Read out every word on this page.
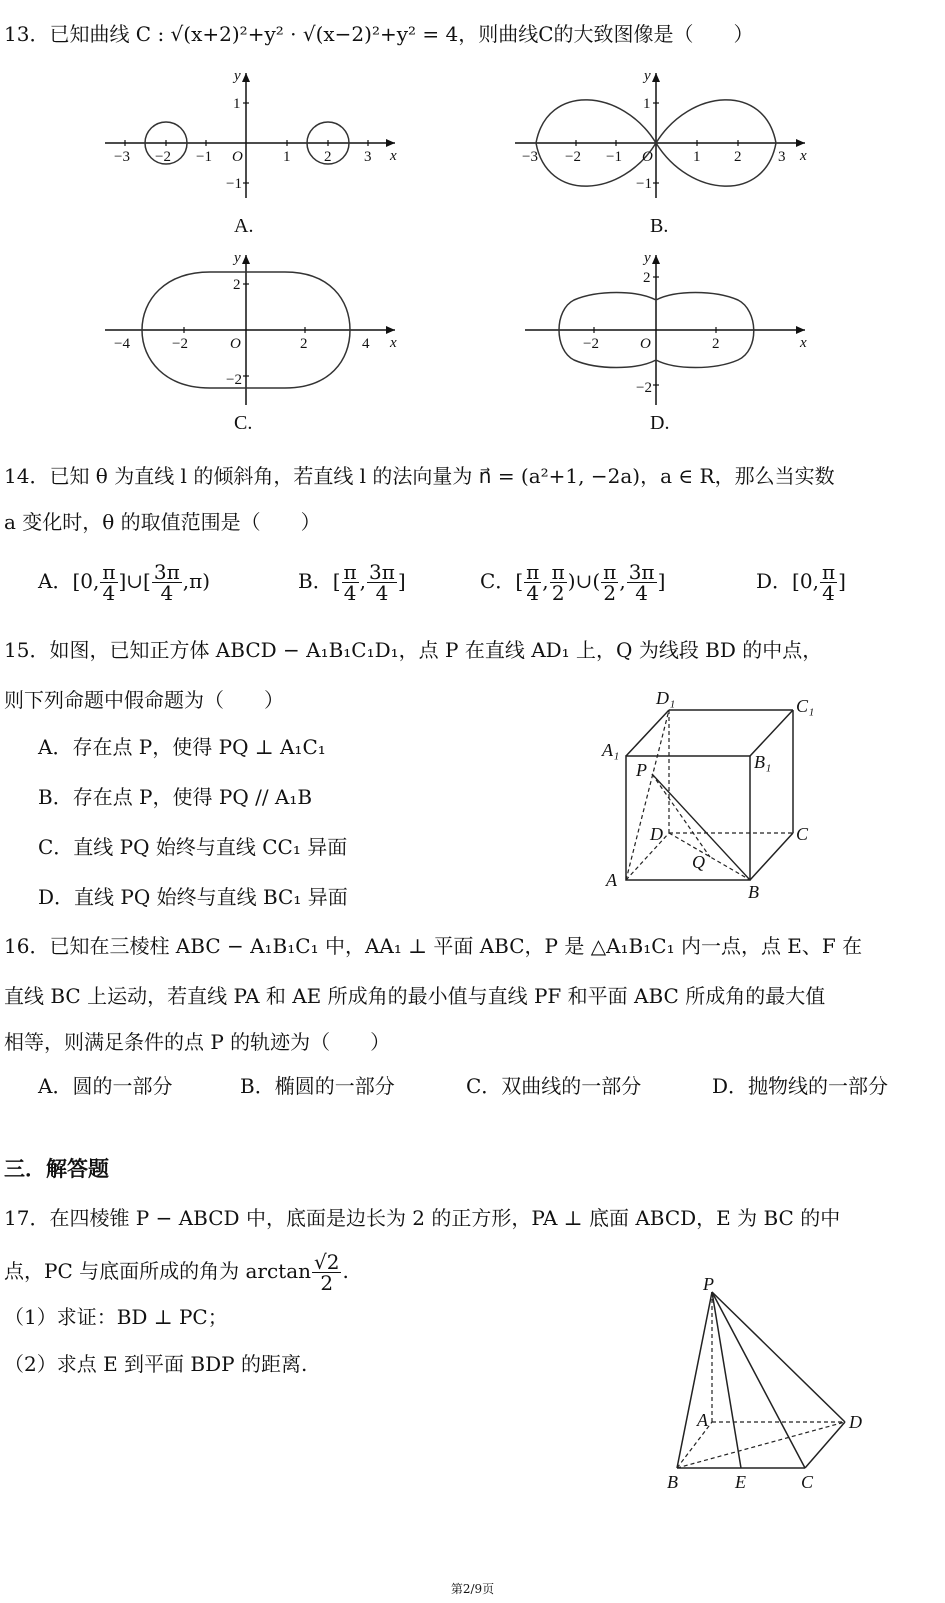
13．已知曲线 C : √(x+2)²+y² · √(x−2)²+y² = 4，则曲线C的大致图像是（　　）
−3 −2 −1	1 2 3
1
−1
O	x
y
A.
−3 −2 −1	1 2 3
1
−1
O	x
y
B.
−4	−2	2	4
2
−2
O	x
y
C.
−2	2
2
−2
O	x
y
D.
14．已知 θ 为直线 l 的倾斜角，若直线 l 的法向量为 n⃗ = (a²+1, −2a)，a ∈ R，那么当实数
a 变化时，θ 的取值范围是（　　）
A．[0, $\frac{\pi}{4}$ ]∪[ $\frac{3\pi}{4} ,\pi$)	B．[ $\frac{\pi}{4}$ , $\frac{3\pi}{4}$ ]	C．[ $\frac{\pi}{4}$ , $\frac{\pi}{2}$ )∪( $\frac{\pi}{2}$ , $\frac{3\pi}{4}$ ]	D．[0, $\frac{\pi}{4}$ ]
15．如图，已知正方体 ABCD − A₁B₁C₁D₁，点 P 在直线 AD₁ 上，Q 为线段 BD 的中点，
则下列命题中假命题为（　　）
A．存在点 P，使得 PQ ⊥ A₁C₁
B．存在点 P，使得 PQ // A₁B
C．直线 PQ 始终与直线 CC₁ 异面
D．直线 PQ 始终与直线 BC₁ 异面
D₁	C₁
A₁
B₁
P
D	C
Q
A
B
16．已知在三棱柱 ABC − A₁B₁C₁ 中，AA₁ ⊥ 平面 ABC，P 是 △A₁B₁C₁ 内一点，点 E、F 在
直线 BC 上运动，若直线 PA 和 AE 所成角的最小值与直线 PF 和平面 ABC 所成角的最大值
相等，则满足条件的点 P 的轨迹为（　　）
A．圆的一部分	B．椭圆的一部分	C．双曲线的一部分	D．抛物线的一部分
三．解答题
17．在四棱锥 P − ABCD 中，底面是边长为 2 的正方形，PA ⊥ 底面 ABCD，E 为 BC 的中
点，PC 与底面所成的角为 $\arctan \frac{√2}{2}$ .
（1）求证：BD ⊥ PC；
（2）求点 E 到平面 BDP 的距离.
P
A	D
B	E	C
第2/9页
